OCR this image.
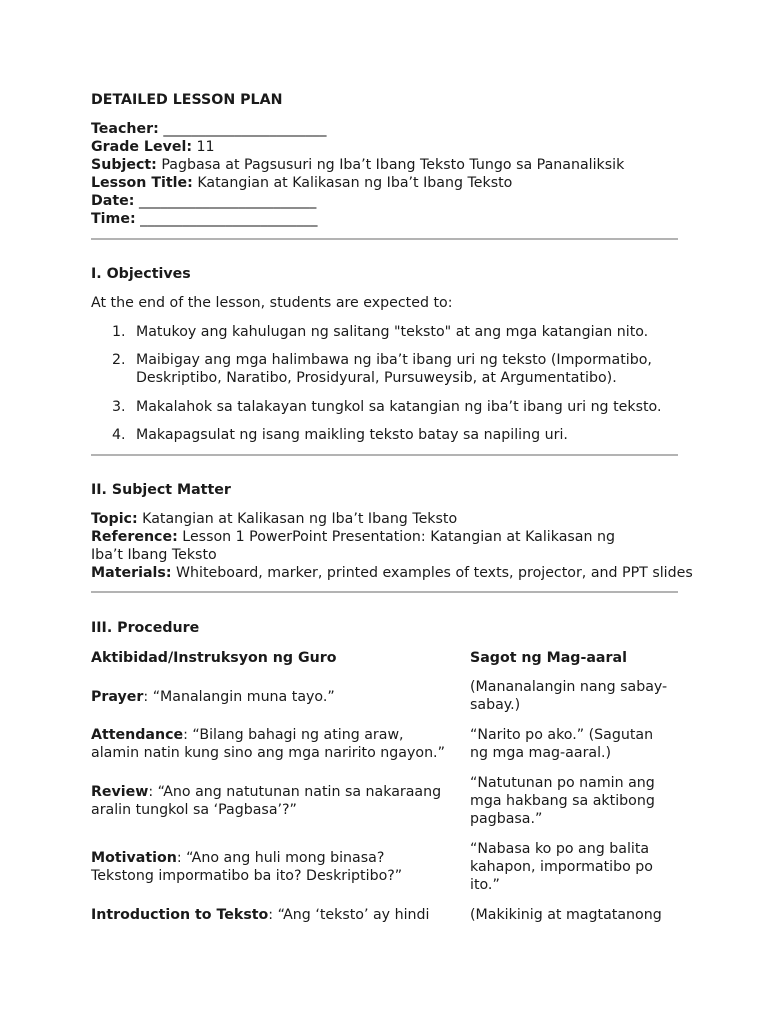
DETAILED LESSON PLAN
Teacher: _______________________
Grade Level: 11
Subject: Pagbasa at Pagsusuri ng Iba’t Ibang Teksto Tungo sa Pananaliksik
Lesson Title: Katangian at Kalikasan ng Iba’t Ibang Teksto
Date: _________________________
Time: _________________________
I. Objectives
At the end of the lesson, students are expected to:
1. Matukoy ang kahulugan ng salitang "teksto" at ang mga katangian nito.
2. Maibigay ang mga halimbawa ng iba’t ibang uri ng teksto (Impormatibo, Deskriptibo, Naratibo, Prosidyural, Pursuweysib, at Argumentatibo).
3. Makalahok sa talakayan tungkol sa katangian ng iba’t ibang uri ng teksto.
4. Makapagsulat ng isang maikling teksto batay sa napiling uri.
II. Subject Matter
Topic: Katangian at Kalikasan ng Iba’t Ibang Teksto
Reference: Lesson 1 PowerPoint Presentation: Katangian at Kalikasan ng Iba’t Ibang Teksto
Materials: Whiteboard, marker, printed examples of texts, projector, and PPT slides
III. Procedure
Aktibidad/Instruksyon ng Guro	Sagot ng Mag-aaral
Prayer: “Manalangin muna tayo.”
(Mananalangin nang sabay-sabay.)
Attendance: “Bilang bahagi ng ating araw, alamin natin kung sino ang mga naririto ngayon.”
“Narito po ako.” (Sagutan ng mga mag-aaral.)
Review: “Ano ang natutunan natin sa nakaraang aralin tungkol sa ‘Pagbasa’?”
“Natutunan po namin ang mga hakbang sa aktibong pagbasa.”
Motivation: “Ano ang huli mong binasa? Tekstong impormatibo ba ito? Deskriptibo?”
“Nabasa ko po ang balita kahapon, impormatibo po ito.”
Introduction to Teksto: “Ang ‘teksto’ ay hindi	(Makikinig at magtatanong
